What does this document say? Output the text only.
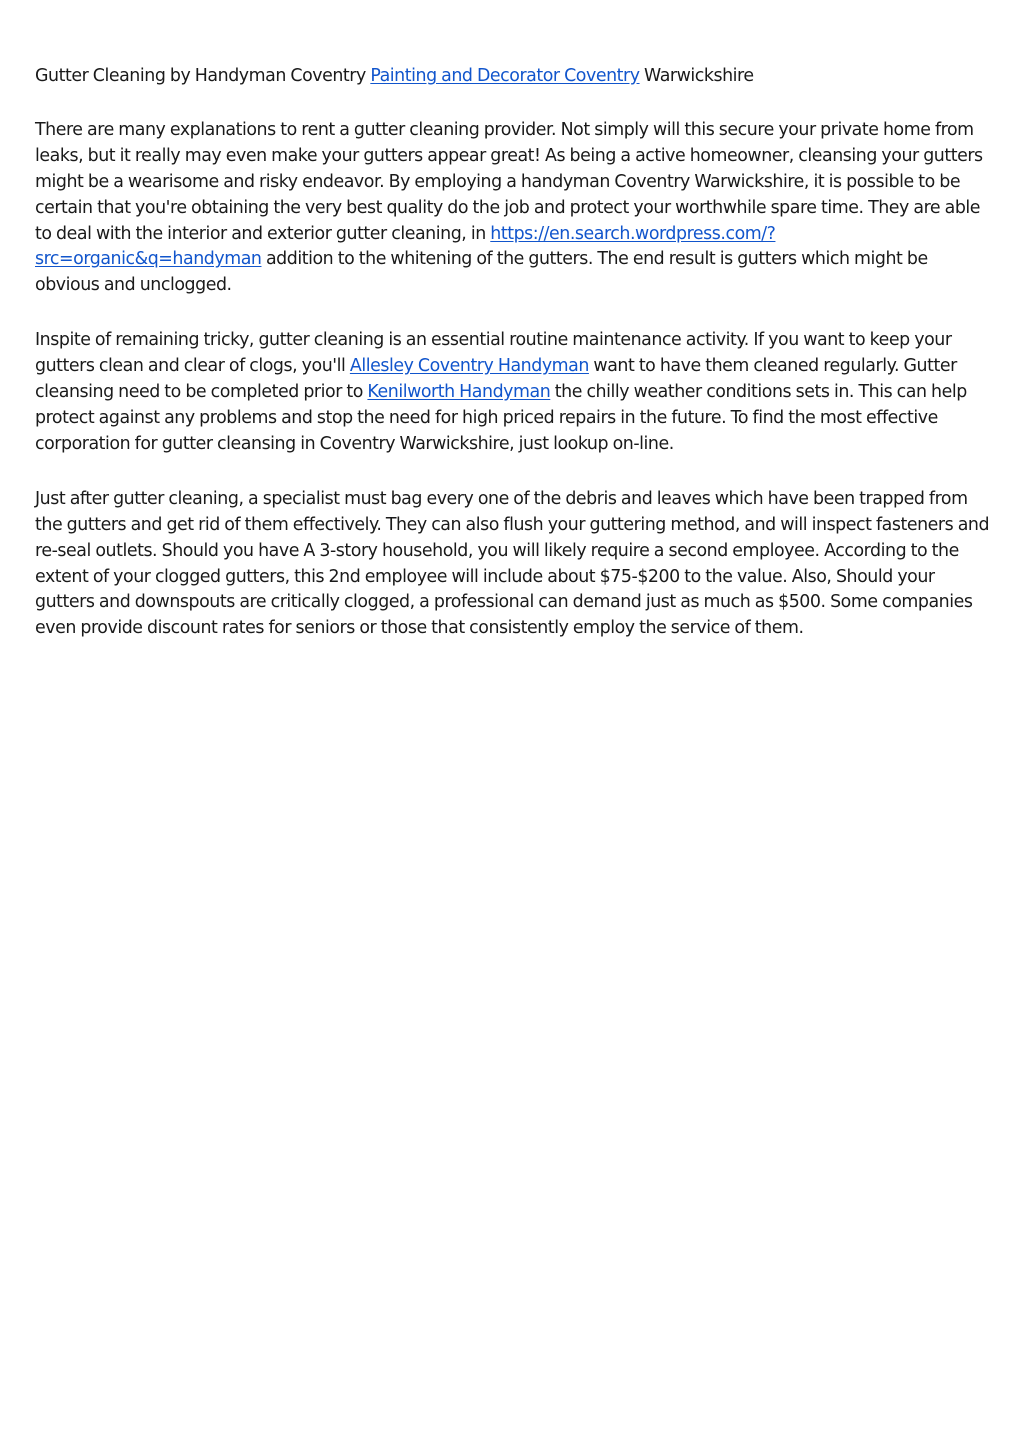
Gutter Cleaning by Handyman Coventry Painting and Decorator Coventry Warwickshire

There are many explanations to rent a gutter cleaning provider. Not simply will this secure your private home from leaks, but it really may even make your gutters appear great! As being a active homeowner, cleansing your gutters might be a wearisome and risky endeavor. By employing a handyman Coventry Warwickshire, it is possible to be certain that you're obtaining the very best quality do the job and protect your worthwhile spare time. They are able to deal with the interior and exterior gutter cleaning, in https://en.search.wordpress.com/?src=organic&q=handyman addition to the whitening of the gutters. The end result is gutters which might be obvious and unclogged.

Inspite of remaining tricky, gutter cleaning is an essential routine maintenance activity. If you want to keep your gutters clean and clear of clogs, you'll Allesley Coventry Handyman want to have them cleaned regularly. Gutter cleansing need to be completed prior to Kenilworth Handyman the chilly weather conditions sets in. This can help protect against any problems and stop the need for high priced repairs in the future. To find the most effective corporation for gutter cleansing in Coventry Warwickshire, just lookup on-line.

Just after gutter cleaning, a specialist must bag every one of the debris and leaves which have been trapped from the gutters and get rid of them effectively. They can also flush your guttering method, and will inspect fasteners and re-seal outlets. Should you have A 3-story household, you will likely require a second employee. According to the extent of your clogged gutters, this 2nd employee will include about $75-$200 to the value. Also, Should your gutters and downspouts are critically clogged, a professional can demand just as much as $500. Some companies even provide discount rates for seniors or those that consistently employ the service of them.
